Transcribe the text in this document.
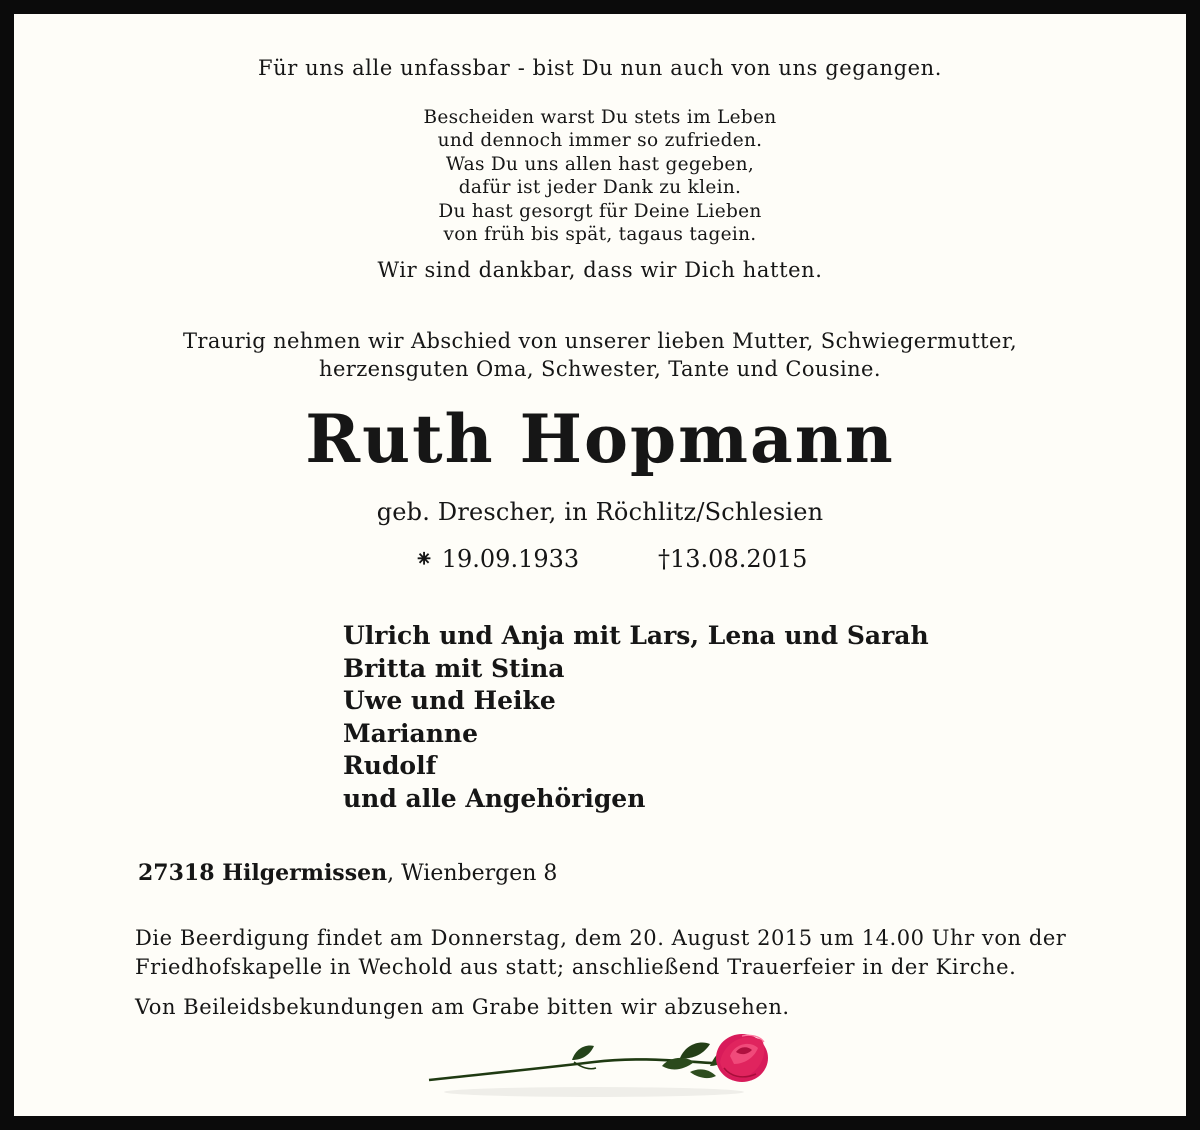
Für uns alle unfassbar - bist Du nun auch von uns gegangen.
Bescheiden warst Du stets im Leben
und dennoch immer so zufrieden.
Was Du uns allen hast gegeben,
dafür ist jeder Dank zu klein.
Du hast gesorgt für Deine Lieben
von früh bis spät, tagaus tagein.
Wir sind dankbar, dass wir Dich hatten.
Traurig nehmen wir Abschied von unserer lieben Mutter, Schwiegermutter,
herzensguten Oma, Schwester, Tante und Cousine.
Ruth Hopmann
geb. Drescher, in Röchlitz/Schlesien
⁕ 19.09.1933	†13.08.2015
Ulrich und Anja mit Lars, Lena und Sarah
Britta mit Stina
Uwe und Heike
Marianne
Rudolf
und alle Angehörigen
27318 Hilgermissen, Wienbergen 8
Die Beerdigung findet am Donnerstag, dem 20. August 2015 um 14.00 Uhr von der
Friedhofskapelle in Wechold aus statt; anschließend Trauerfeier in der Kirche.
Von Beileidsbekundungen am Grabe bitten wir abzusehen.
